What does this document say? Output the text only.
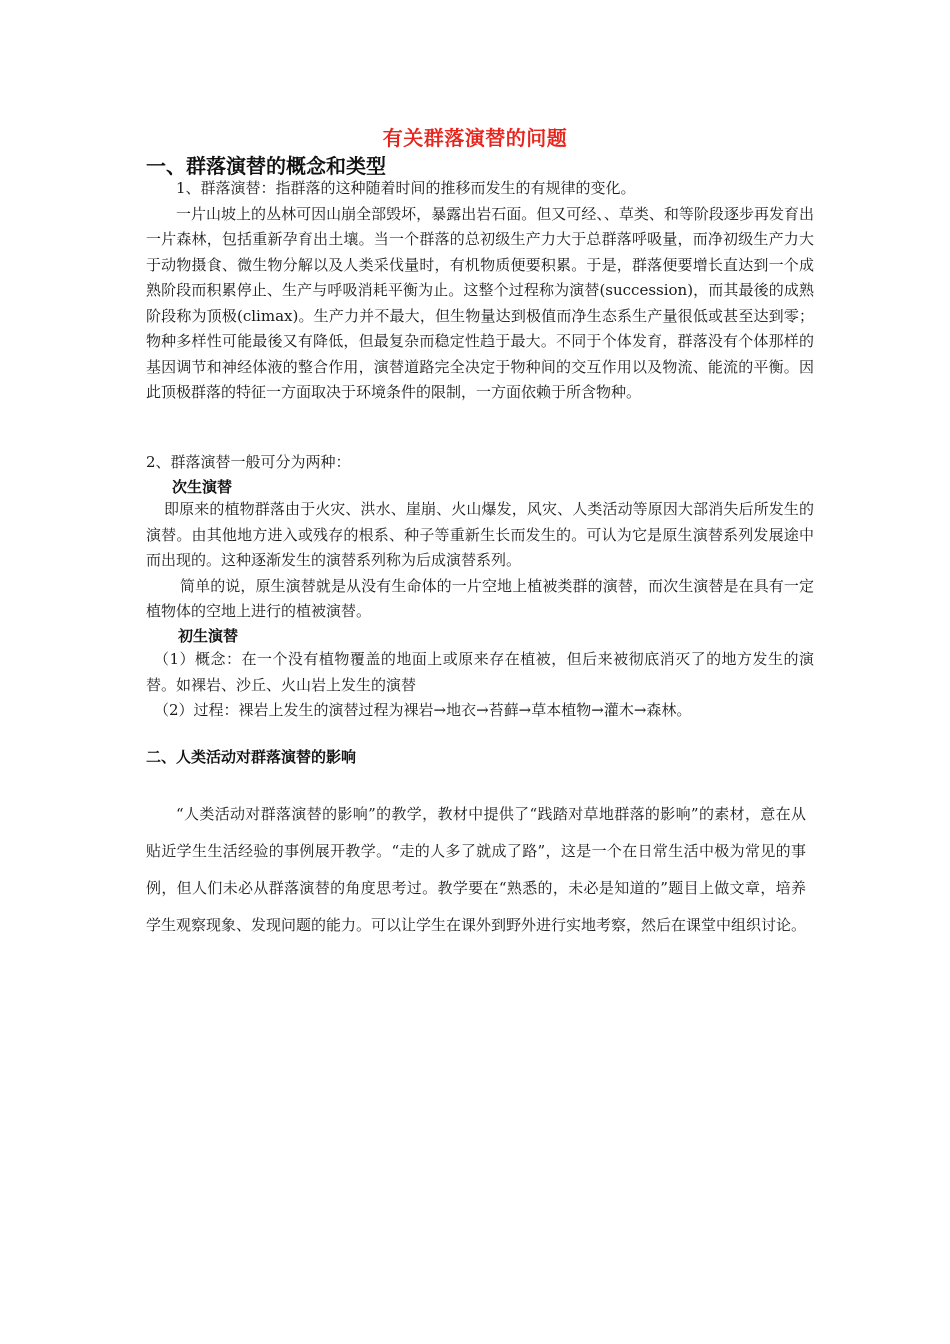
有关群落演替的问题
一、群落演替的概念和类型

1、群落演替：指群落的这种随着时间的推移而发生的有规律的变化。

一片山坡上的丛林可因山崩全部毁坏，暴露出岩石面。但又可经、、草类、和等阶段逐步再发育出一片森林，包括重新孕育出土壤。当一个群落的总初级生产力大于总群落呼吸量，而净初级生产力大于动物摄食、微生物分解以及人类采伐量时，有机物质便要积累。于是，群落便要增长直达到一个成熟阶段而积累停止、生产与呼吸消耗平衡为止。这整个过程称为演替(succession)，而其最後的成熟阶段称为顶极(climax)。生产力并不最大，但生物量达到极值而净生态系生产量很低或甚至达到零；物种多样性可能最後又有降低，但最复杂而稳定性趋于最大。不同于个体发育，群落没有个体那样的基因调节和神经体液的整合作用，演替道路完全决定于物种间的交互作用以及物流、能流的平衡。因此顶极群落的特征一方面取决于环境条件的限制，一方面依赖于所含物种。

2、群落演替一般可分为两种：

次生演替

即原来的植物群落由于火灾、洪水、崖崩、火山爆发，风灾、人类活动等原因大部消失后所发生的演替。由其他地方进入或残存的根系、种子等重新生长而发生的。可认为它是原生演替系列发展途中而出现的。这种逐渐发生的演替系列称为后成演替系列。

简单的说，原生演替就是从没有生命体的一片空地上植被类群的演替，而次生演替是在具有一定植物体的空地上进行的植被演替。

初生演替

（1）概念：在一个没有植物覆盖的地面上或原来存在植被，但后来被彻底消灭了的地方发生的演替。如裸岩、沙丘、火山岩上发生的演替

（2）过程：裸岩上发生的演替过程为裸岩→地衣→苔藓→草本植物→灌木→森林。

二、人类活动对群落演替的影响

“人类活动对群落演替的影响”的教学，教材中提供了“践踏对草地群落的影响”的素材，意在从贴近学生生活经验的事例展开教学。“走的人多了就成了路”，这是一个在日常生活中极为常见的事例，但人们未必从群落演替的角度思考过。教学要在“熟悉的，未必是知道的”题目上做文章，培养学生观察现象、发现问题的能力。可以让学生在课外到野外进行实地考察，然后在课堂中组织讨论。
